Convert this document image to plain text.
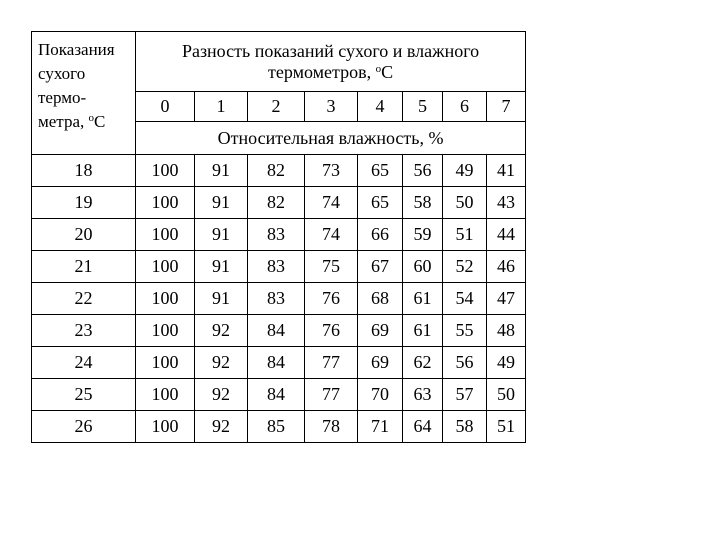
Показания
сухого
термо-
метра, $^o$C	Разность показаний сухого и влажного
термометров, $^o$C							

	0	1	2	3	4	5	6	7
	Относительная влажность, %							
18	100	91	82	73	65	56	49	41
19	100	91	82	74	65	58	50	43
20	100	91	83	74	66	59	51	44
21	100	91	83	75	67	60	52	46
22	100	91	83	76	68	61	54	47
23	100	92	84	76	69	61	55	48
24	100	92	84	77	69	62	56	49
25	100	92	84	77	70	63	57	50
26	100	92	85	78	71	64	58	51
